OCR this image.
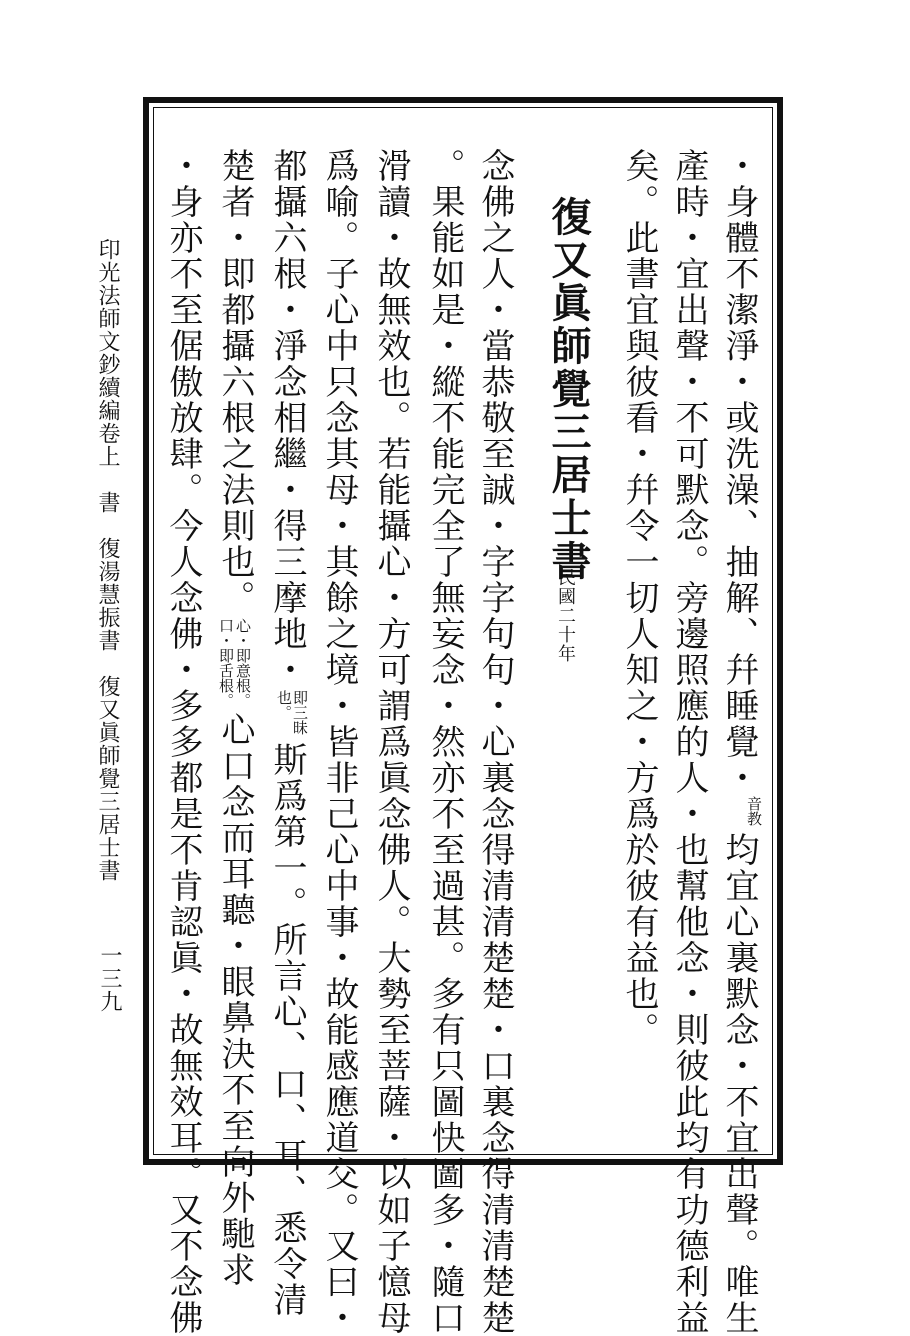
・身體不潔淨・或洗澡、抽解、幷睡覺・
音教
均宜心裏默念・不宜出聲。唯生
產時・宜出聲・不可默念。旁邊照應的人・也幫他念・則彼此均有功德利益
矣。此書宜與彼看・幷令一切人知之・方爲於彼有益也。
復又眞師覺三居士書
民國二十年
念佛之人・當恭敬至誠・字字句句・心裏念得清清楚楚・口裏念得清清楚楚
。果能如是・縱不能完全了無妄念・然亦不至過甚。多有只圖快圖多・隨口
滑讀・故無效也。若能攝心・方可謂爲眞念佛人。大勢至菩薩・以如子憶母
爲喻。子心中只念其母・其餘之境・皆非己心中事・故能感應道交。又曰・
都攝六根・淨念相繼・得三摩地・
即三昧也。
斯爲第一。所言心、口、耳、悉令清
楚者・即都攝六根之法則也。
心・即意根。
口・即舌根。
心口念而耳聽・眼鼻決不至向外馳求
・身亦不至倨傲放肆。今人念佛・多多都是不肯認眞・故無效耳。又不念佛
印光法師文鈔續編卷上　書　復湯慧振書　復又眞師覺三居士書
一三九
